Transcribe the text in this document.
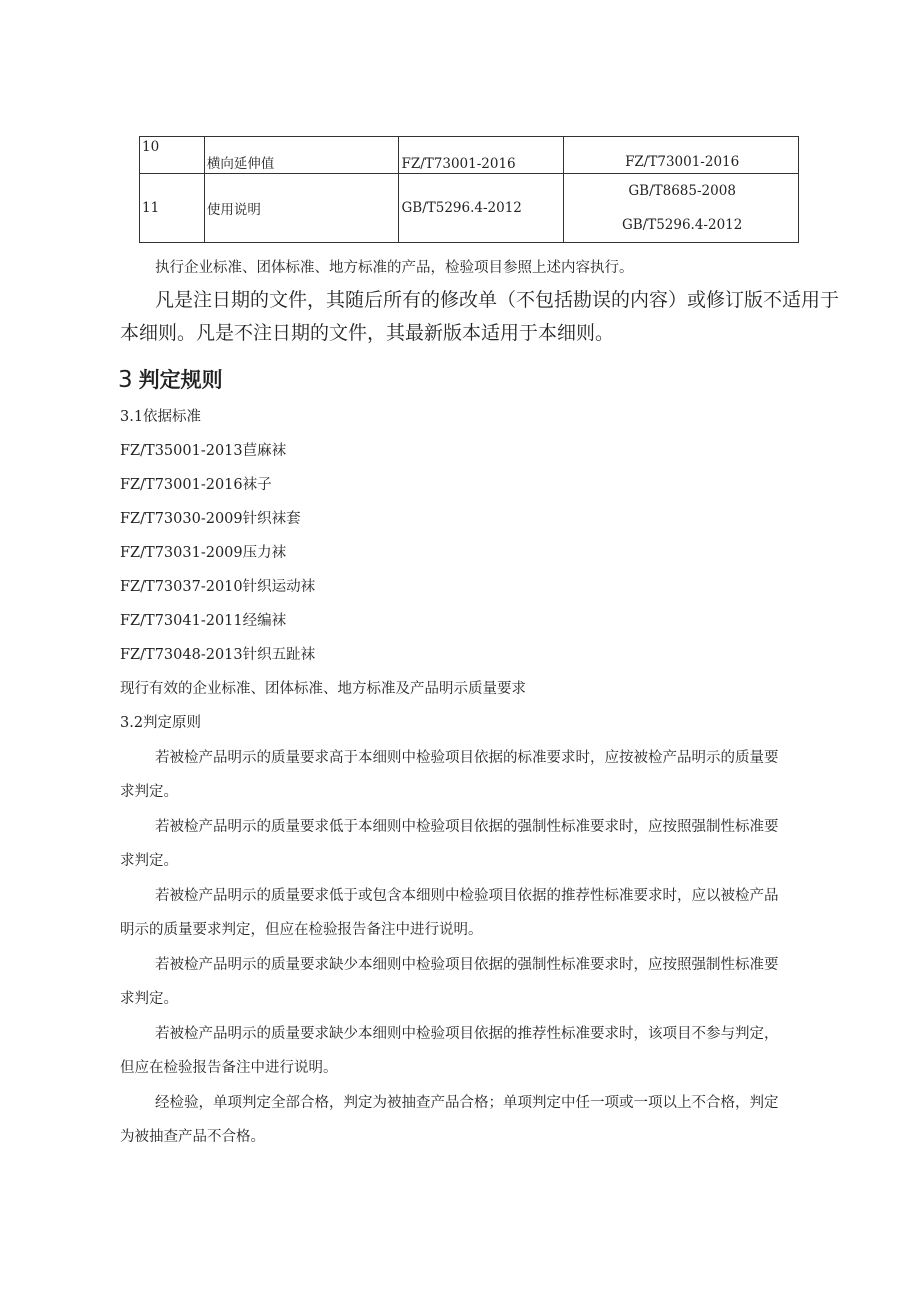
10	横向延伸值	FZ/T73001-2016	FZ/T73001-2016

11	使用说明	GB/T5296.4-2012	GB/T8685-2008
GB/T5296.4-2012
执行企业标准、团体标准、地方标准的产品，检验项目参照上述内容执行。
凡是注日期的文件，其随后所有的修改单（不包括勘误的内容）或修订版不适用于
本细则。凡是不注日期的文件，其最新版本适用于本细则。
3 判定规则
3.1依据标准
FZ/T35001-2013苣麻袜
FZ/T73001-2016袜子
FZ/T73030-2009针织袜套
FZ/T73031-2009压力袜
FZ/T73037-2010针织运动袜
FZ/T73041-2011经编袜
FZ/T73048-2013针织五趾袜
现行有效的企业标准、团体标准、地方标准及产品明示质量要求
3.2判定原则
若被检产品明示的质量要求高于本细则中检验项目依据的标准要求时，应按被检产品明示的质量要
求判定。
若被检产品明示的质量要求低于本细则中检验项目依据的强制性标准要求时，应按照强制性标准要
求判定。
若被检产品明示的质量要求低于或包含本细则中检验项目依据的推荐性标准要求时，应以被检产品
明示的质量要求判定，但应在检验报告备注中进行说明。
若被检产品明示的质量要求缺少本细则中检验项目依据的强制性标准要求时，应按照强制性标准要
求判定。
若被检产品明示的质量要求缺少本细则中检验项目依据的推荐性标准要求时，该项目不参与判定，
但应在检验报告备注中进行说明。
经检验，单项判定全部合格，判定为被抽查产品合格；单项判定中任一项或一项以上不合格，判定
为被抽查产品不合格。
